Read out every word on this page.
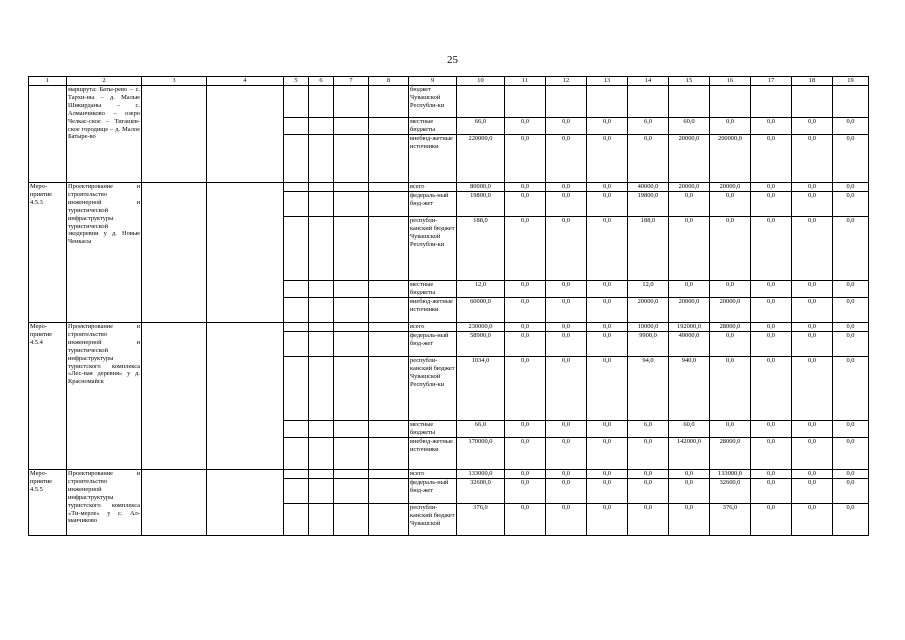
25
1	2	3	4	5	6	7	8	9	10	11	12	13	14	15	16	17	18	19
	маршрута: Баты-рево – с. Тархи-ны – д. Малые Шикирданы – с. Алманчиково – озеро Челкас-ское – Тигашев-ское городище – д. Малое Батыре-во							бюджет Чувашской Республи-ки										
								местные бюджеты	66,0	0,0	0,0	0,0	6,0	60,0	0,0	0,0	0,0	0,0
								внебюд-жетные источники	220000,0	0,0	0,0	0,0	0,0	20000,0	200000,0	0,0	0,0	0,0
Меро-приятие 4.5.3	Проектирование и строительство инженерной и туристической инфраструктуры туристической экодеревни у д. Новые Ченкасы							всего	80000,0	0,0	0,0	0,0	40000,0	20000,0	20000,0	0,0	0,0	0,0
								федераль-ный бюд-жет	19800,0	0,0	0,0	0,0	19800,0	0,0	0,0	0,0	0,0	0,0
								республи-канский бюджет Чувашской Республи-ки	188,0	0,0	0,0	0,0	188,0	0,0	0,0	0,0	0,0	0,0
								местные бюджеты	12,0	0,0	0,0	0,0	12,0	0,0	0,0	0,0	0,0	0,0
								внебюд-жетные источники	60000,0	0,0	0,0	0,0	20000,0	20000,0	20000,0	0,0	0,0	0,0
Меро-приятие 4.5.4	Проектирование и строительство инженерной и туристической инфраструктуры туристского комплекса «Лес-ная деревня» у д. Красномайск							всего	230000,0	0,0	0,0	0,0	10000,0	192000,0	28000,0	0,0	0,0	0,0
								федераль-ный бюд-жет	58900,0	0,0	0,0	0,0	9900,0	49000,0	0,0	0,0	0,0	0,0
								республи-канский бюджет Чувашской Республи-ки	1034,0	0,0	0,0	0,0	94,0	940,0	0,0	0,0	0,0	0,0
								местные бюджеты	66,0	0,0	0,0	0,0	6,0	60,0	0,0	0,0	0,0	0,0
								внебюд-жетные источники	170000,0	0,0	0,0	0,0	0,0	142000,0	28000,0	0,0	0,0	0,0
Меро-приятие 4.5.5	Проектирование и строительство инженерной инфраструктуры туристского комплекса «Ти-мерле» у с. Ал-манчиково							всего	133000,0	0,0	0,0	0,0	0,0	0,0	133000,0	0,0	0,0	0,0
								федераль-ный бюд-жет	32600,0	0,0	0,0	0,0	0,0	0,0	32600,0	0,0	0,0	0,0
								республи-канский бюджет Чувашской	376,0	0,0	0,0	0,0	0,0	0,0	376,0	0,0	0,0	0,0
